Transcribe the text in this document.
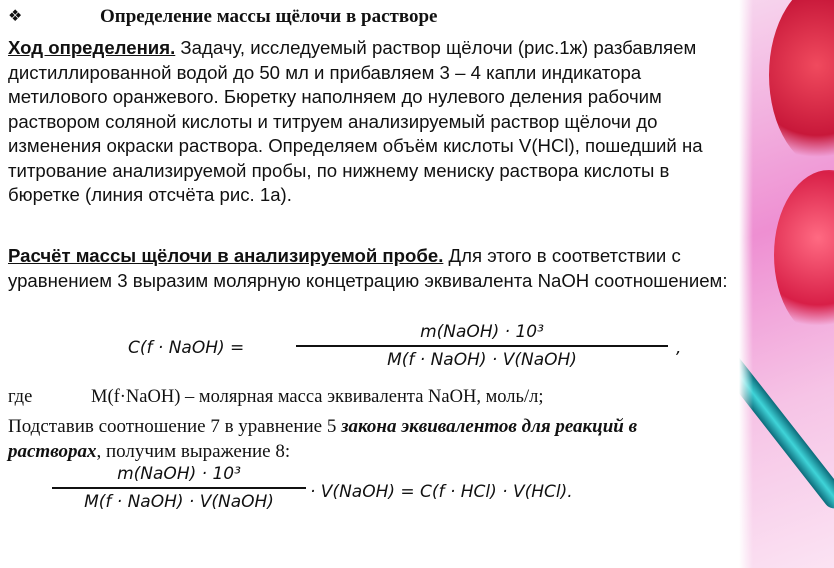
❖	Определение массы щёлочи в растворе
Ход определения. Задачу, исследуемый раствор щёлочи (рис.1ж) разбавляем дистиллированной водой до 50 мл и прибавляем 3 – 4 капли индикатора метилового оранжевого. Бюретку наполняем до нулевого деления рабочим раствором соляной кислоты и титруем анализируемый раствор щёлочи до изменения окраски раствора. Определяем объём кислоты V(HCl), пошедший на титрование анализируемой пробы, по нижнему мениску раствора кислоты в бюретке (линия отсчёта рис. 1а).
Расчёт массы щёлочи в анализируемой пробе. Для этого в соответствии с уравнением 3 выразим молярную концетрацию эквивалента NaOH соотношением:
C(f · NaOH) =
m(NaOH) · 10³
M(f · NaOH) · V(NaOH)
,
где	M(f·NaOH) – молярная масса эквивалента NaOH, моль/л;
Подставив соотношение 7 в уравнение 5 закона эквивалентов для реакций в растворах, получим выражение 8:
m(NaOH) · 10³
M(f · NaOH) · V(NaOH)	· V(NaOH) = C(f · HCl) · V(HCl).
